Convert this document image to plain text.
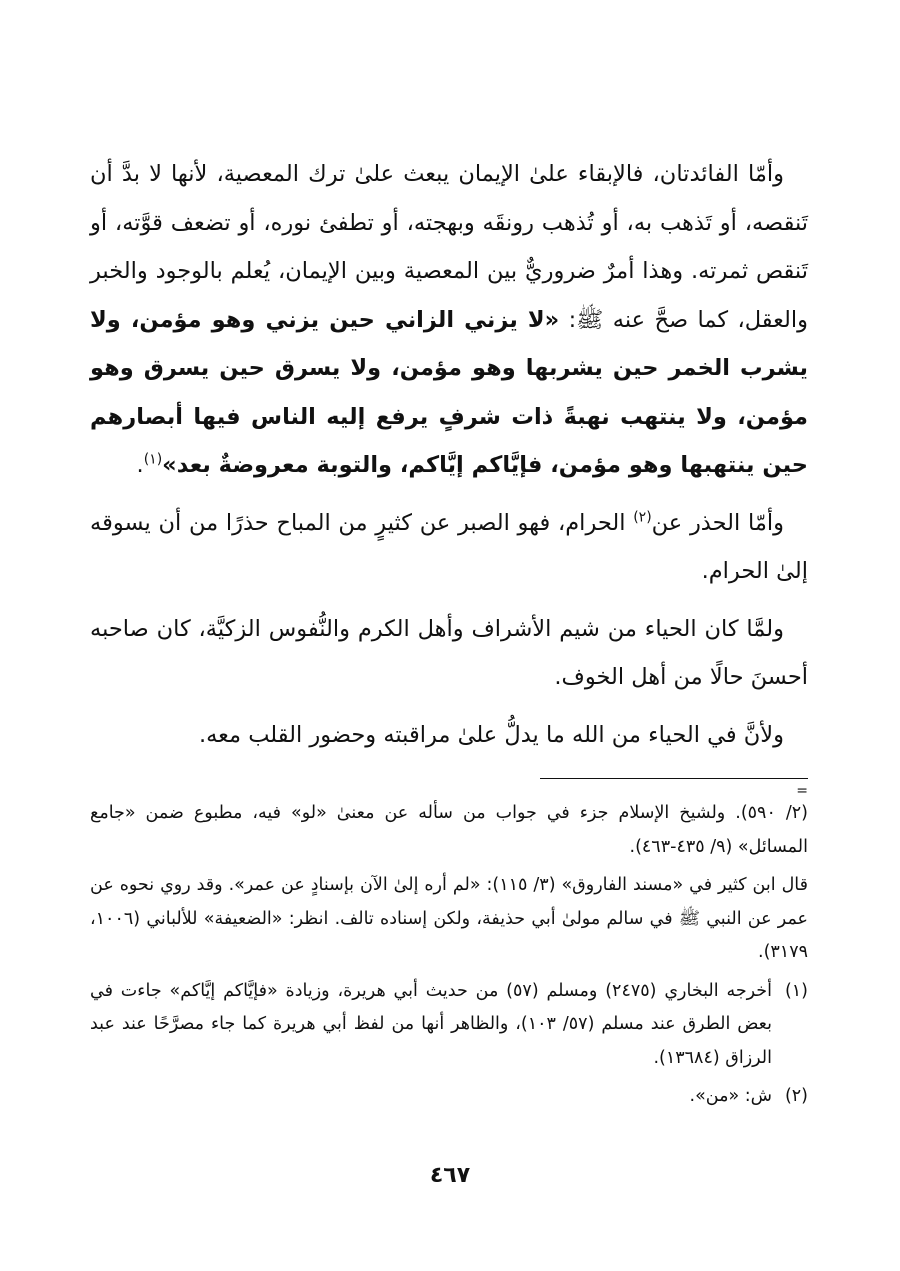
وأمّا الفائدتان، فالإبقاء علىٰ الإيمان يبعث علىٰ ترك المعصية، لأنها لا بدَّ أن تَنقصه، أو تَذهب به، أو تُذهب رونقَه وبهجته، أو تطفئ نوره، أو تضعف قوَّته، أو تَنقص ثمرته. وهذا أمرٌ ضروريٌّ بين المعصية وبين الإيمان، يُعلم بالوجود والخبر والعقل، كما صحَّ عنه ﷺ: «لا يزني الزاني حين يزني وهو مؤمن، ولا يشرب الخمر حين يشربها وهو مؤمن، ولا يسرق حين يسرق وهو مؤمن، ولا ينتهب نهبةً ذات شرفٍ يرفع إليه الناس فيها أبصارهم حين ينتهبها وهو مؤمن، فإيَّاكم إيَّاكم، والتوبة معروضةٌ بعد»$^{(١)}$.

وأمّا الحذر عن$^{(٢)}$ الحرام، فهو الصبر عن كثيرٍ من المباح حذرًا من أن يسوقه إلىٰ الحرام.

ولمَّا كان الحياء من شيم الأشراف وأهل الكرم والنُّفوس الزكيَّة، كان صاحبه أحسنَ حالًا من أهل الخوف.

ولأنَّ في الحياء من الله ما يدلُّ علىٰ مراقبته وحضور القلب معه.

=

(٢/ ٥٩٠). ولشيخ الإسلام جزء في جواب من سأله عن معنىٰ «لو» فيه، مطبوع ضمن «جامع المسائل» (٩/ ٤٣٥-٤٦٣).

قال ابن كثير في «مسند الفاروق» (٣/ ١١٥): «لم أره إلىٰ الآن بإسنادٍ عن عمر». وقد روي نحوه عن عمر عن النبي ﷺ في سالم مولىٰ أبي حذيفة، ولكن إسناده تالف. انظر: «الضعيفة» للألباني (١٠٠٦، ٣١٧٩).

(١)
أخرجه البخاري (٢٤٧٥) ومسلم (٥٧) من حديث أبي هريرة، وزيادة «فإيَّاكم إيَّاكم» جاءت في بعض الطرق عند مسلم (٥٧/ ١٠٣)، والظاهر أنها من لفظ أبي هريرة كما جاء مصرَّحًا عند عبد الرزاق (١٣٦٨٤).
(٢)
ش: «من».
٤٦٧
